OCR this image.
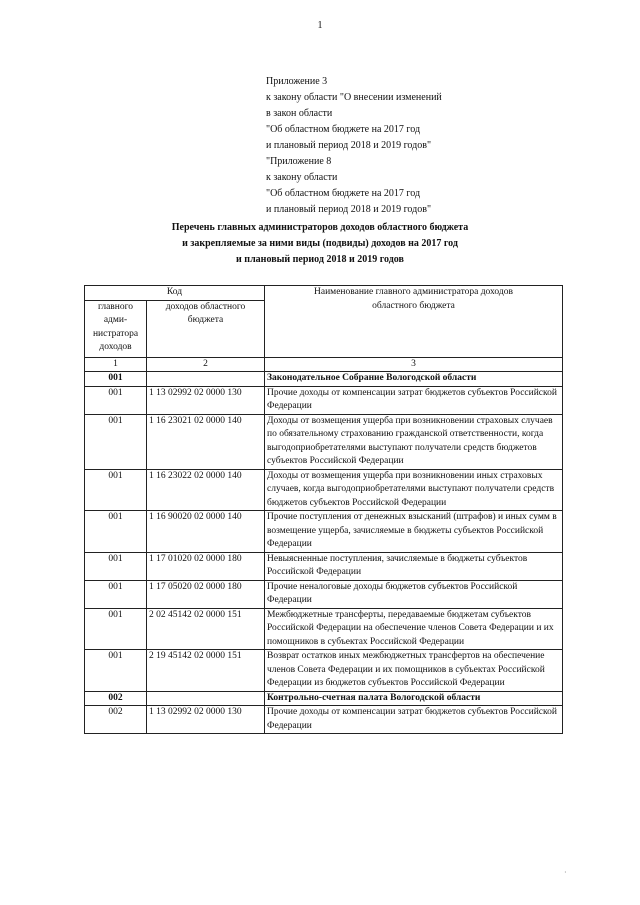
1
Приложение 3
к закону области "О внесении изменений
в закон области
"Об областном бюджете на 2017 год
и плановый период 2018 и 2019 годов"
"Приложение 8
к закону области
"Об областном бюджете на 2017 год
и плановый период 2018 и 2019 годов"
Перечень главных администраторов доходов областного бюджета
и закрепляемые за ними виды (подвиды) доходов на 2017 год
и плановый период 2018 и 2019 годов
Код		Наименование главного администратора доходов областного бюджета
главного адми-нистратора доходов	доходов областного бюджета	
1	2	3
001		Законодательное Собрание Вологодской области
001	1 13 02992 02 0000 130	Прочие доходы от компенсации затрат бюджетов субъектов Российской Федерации
001	1 16 23021 02 0000 140	Доходы от возмещения ущерба при возникновении страховых случаев по обязательному страхованию гражданской ответственности, когда выгодоприобретателями выступают получатели средств бюджетов субъектов Российской Федерации
001	1 16 23022 02 0000 140	Доходы от возмещения ущерба при возникновении иных страховых случаев, когда выгодоприобретателями выступают получатели средств бюджетов субъектов Российской Федерации
001	1 16 90020 02 0000 140	Прочие поступления от денежных взысканий (штрафов) и иных сумм в возмещение ущерба, зачисляемые в бюджеты субъектов Российской Федерации
001	1 17 01020 02 0000 180	Невыясненные поступления, зачисляемые в бюджеты субъектов Российской Федерации
001	1 17 05020 02 0000 180	Прочие неналоговые доходы бюджетов субъектов Российской Федерации
001	2 02 45142 02 0000 151	Межбюджетные трансферты, передаваемые бюджетам субъектов Российской Федерации на обеспечение членов Совета Федерации и их помощников в субъектах Российской Федерации
001	2 19 45142 02 0000 151	Возврат остатков иных межбюджетных трансфертов на обеспечение членов Совета Федерации и их помощников в субъектах Российской Федерации из бюджетов субъектов Российской Федерации
002		Контрольно-счетная палата Вологодской области
002	1 13 02992 02 0000 130	Прочие доходы от компенсации затрат бюджетов субъектов Российской Федерации
·
